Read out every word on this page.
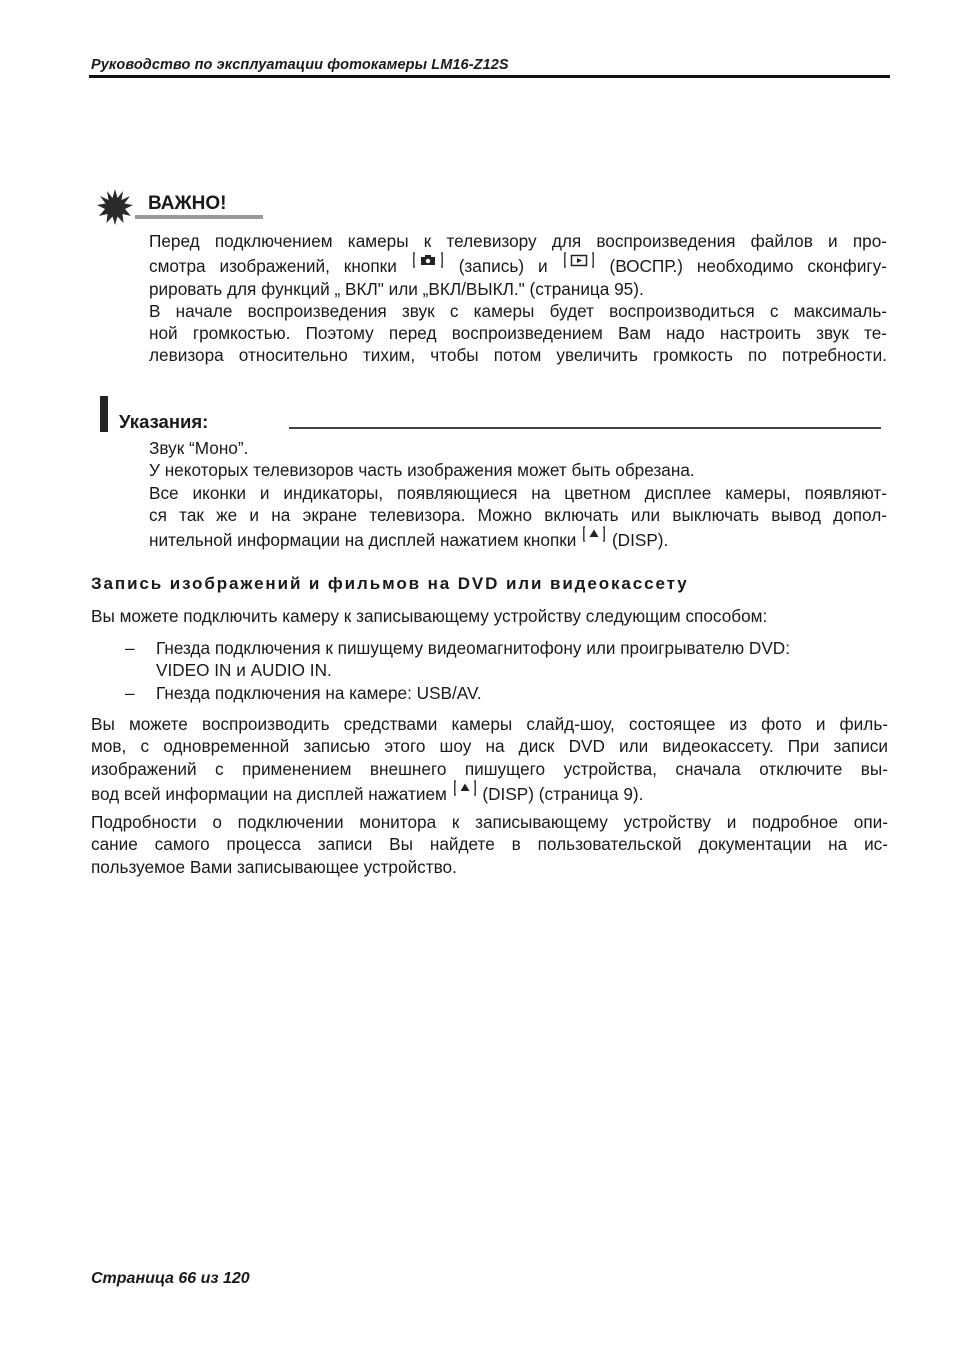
Руководство по эксплуатации фотокамеры LM16-Z12S
ВАЖНО!
Перед подключением камеры к телевизору для воспроизведения файлов и про-
смотра изображений, кнопки	(запись) и	(ВОСПР.) необходимо сконфигу-
рировать для функций „ ВКЛ" или „ВКЛ/ВЫКЛ." (страница 95).
В начале воспроизведения звук с камеры будет воспроизводиться с максималь-
ной громкостью. Поэтому перед воспроизведением Вам надо настроить звук те-
левизора относительно тихим, чтобы потом увеличить громкость по потребности.
Указания:
Звук “Моно”.
У некоторых телевизоров часть изображения может быть обрезана.
Все иконки и индикаторы, появляющиеся на цветном дисплее камеры, появляют-
ся так же и на экране телевизора. Можно включать или выключать вывод допол-
нительной информации на дисплей нажатием кнопки (DISP).
Запись изображений и фильмов на DVD или видеокассету
Вы можете подключить камеру к записывающему устройству следующим способом:
– Гнезда подключения к пишущему видеомагнитофону или проигрывателю DVD:
VIDEO IN и AUDIO IN.
– Гнезда подключения на камере: USB/AV.
Вы можете воспроизводить средствами камеры слайд-шоу, состоящее из фото и филь-
мов, с одновременной записью этого шоу на диск DVD или видеокассету. При записи
изображений с применением внешнего пишущего устройства, сначала отключите вы-
вод всей информации на дисплей нажатием (DISP) (страница 9).
Подробности о подключении монитора к записывающему устройству и подробное опи-
сание самого процесса записи Вы найдете в пользовательской документации на ис-
пользуемое Вами записывающее устройство.
Страница 66 из 120
